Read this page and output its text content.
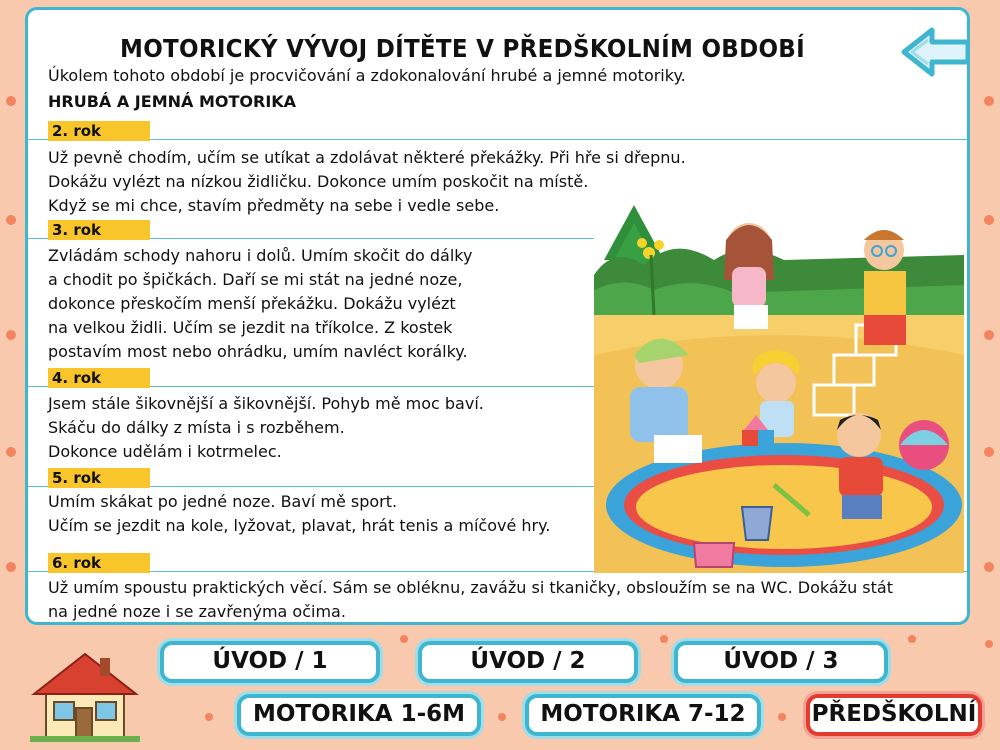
MOTORICKÝ VÝVOJ DÍTĚTE V PŘEDŠKOLNÍM OBDOBÍ
Úkolem tohoto období je procvičování a zdokonalování hrubé a jemné motoriky.
HRUBÁ A JEMNÁ MOTORIKA
2. rok
Už pevně chodím, učím se utíkat a zdolávat některé překážky. Při hře si dřepnu.
Dokážu vylézt na nízkou židličku. Dokonce umím poskočit na místě.
Když se mi chce, stavím předměty na sebe i vedle sebe.
3. rok
Zvládám schody nahoru i dolů. Umím skočit do dálky
a chodit po špičkách. Daří se mi stát na jedné noze,
dokonce přeskočím menší překážku. Dokážu vylézt
na velkou židli. Učím se jezdit na tříkolce. Z kostek
postavím most nebo ohrádku, umím navléct korálky.
4. rok
Jsem stále šikovnější a šikovnější. Pohyb mě moc baví.
Skáču do dálky z místa i s rozběhem.
Dokonce udělám i kotrmelec.
5. rok
Umím skákat po jedné noze. Baví mě sport.
Učím se jezdit na kole, lyžovat, plavat, hrát tenis a míčové hry.
6. rok
Už umím spoustu praktických věcí. Sám se obléknu, zavážu si tkaničky, obsloužím se na WC. Dokážu stát
na jedné noze i se zavřenýma očima.
ÚVOD / 1	ÚVOD / 2	ÚVOD / 3
MOTORIKA 1-6M	MOTORIKA 7-12	PŘEDŠKOLNÍ
